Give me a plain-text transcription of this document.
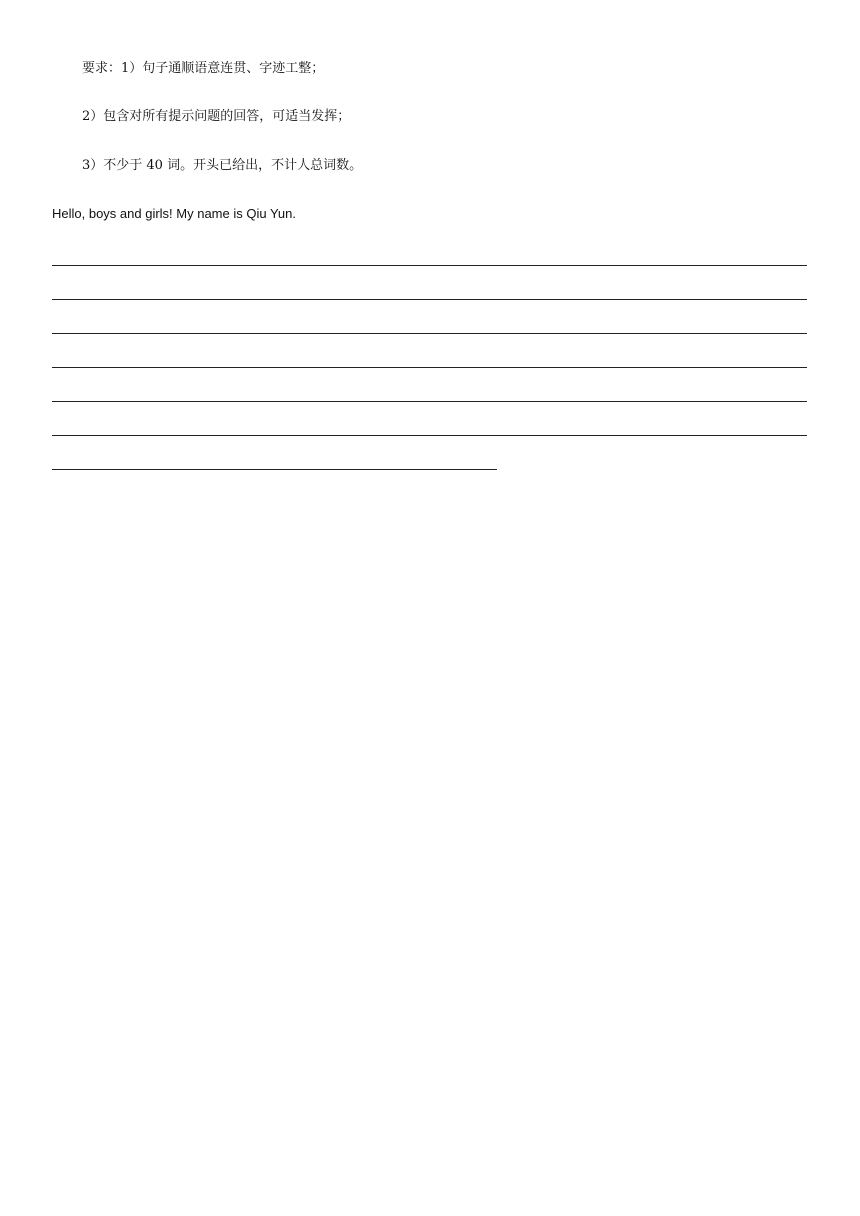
要求：1）句子通顺语意连贯、字迹工整；
2）包含对所有提示问题的回答，可适当发挥；
3）不少于 40 词。开头已给出，不计人总词数。
Hello, boys and girls! My name is Qiu Yun.
